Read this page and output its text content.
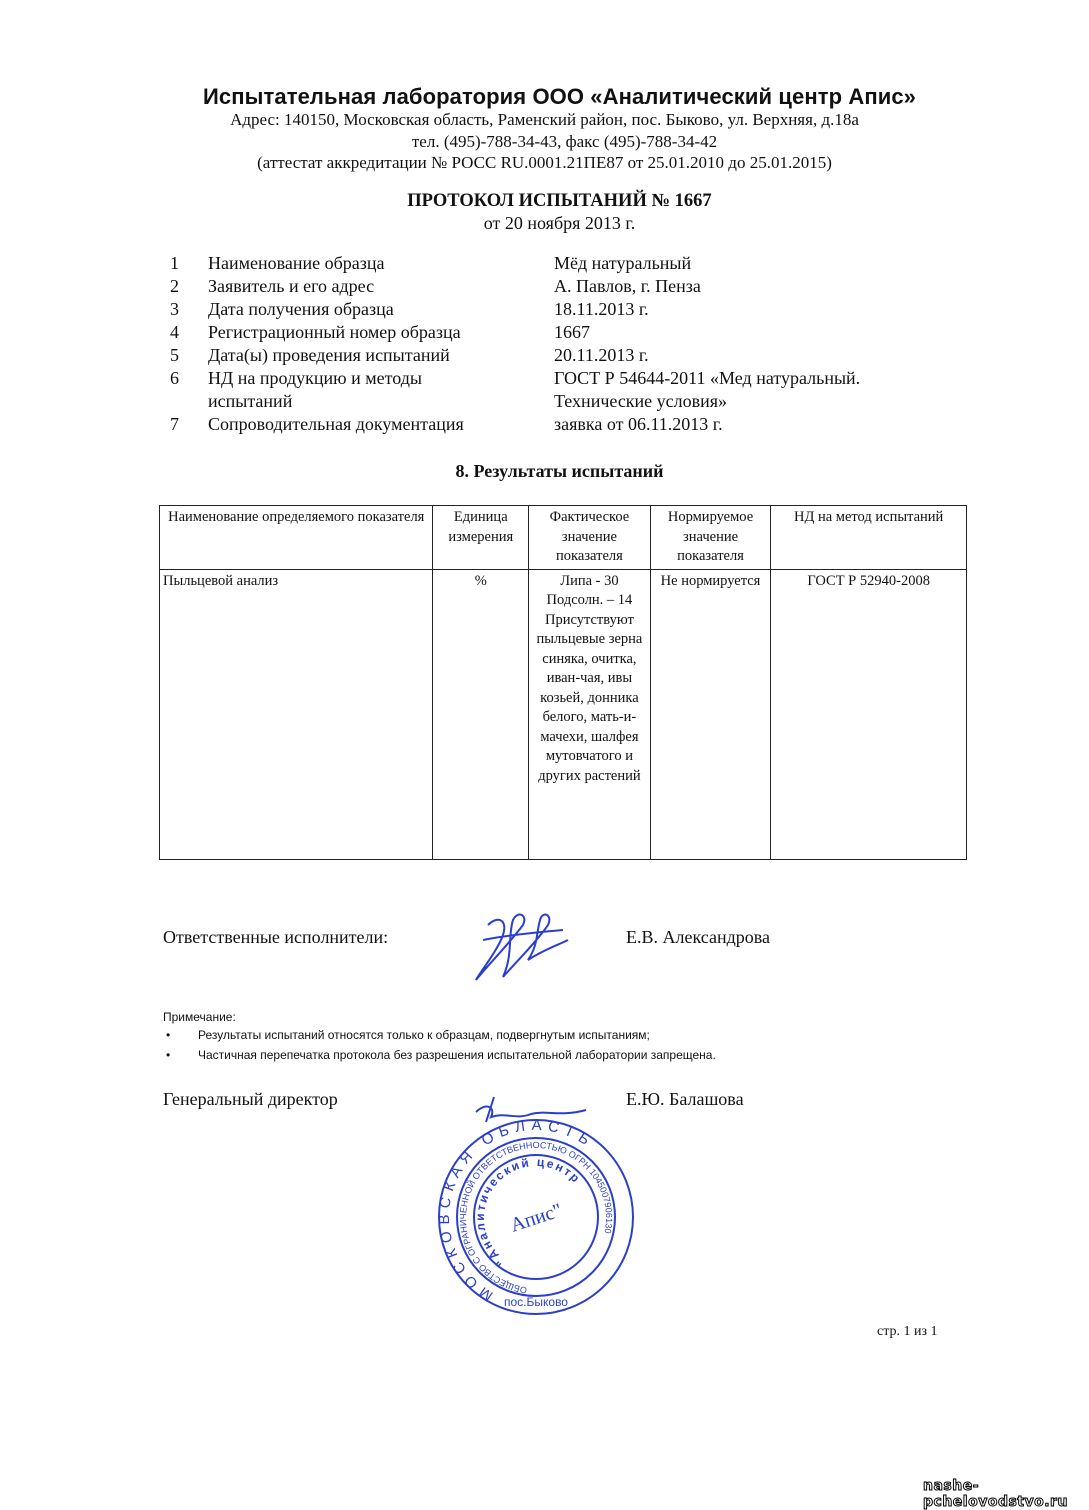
Испытательная лаборатория ООО «Аналитический центр Апис»
Адрес: 140150, Московская область, Раменский район, пос. Быково, ул. Верхняя, д.18а
тел. (495)-788-34-43, факс (495)-788-34-42
(аттестат аккредитации № РОСС RU.0001.21ПЕ87 от 25.01.2010 до 25.01.2015)
ПРОТОКОЛ ИСПЫТАНИЙ № 1667
от 20 ноября 2013 г.
1	Наименование образца	Мёд натуральный
2	Заявитель и его адрес	А. Павлов, г. Пенза
3	Дата получения образца	18.11.2013 г.
4	Регистрационный номер образца	1667
5	Дата(ы) проведения испытаний	20.11.2013 г.
6	НД на продукцию и методы	ГОСТ Р 54644-2011 «Мед натуральный.
испытаний	Технические условия»
7	Сопроводительная документация	заявка от 06.11.2013 г.
8. Результаты испытаний
Наименование определяемого показателя	Единица измерения	Фактическое значение показателя	Нормируемое значение показателя	НД на метод испытаний
Пыльцевой анализ	%	Липа - 30 Подсолн. – 14 Присутствуют пыльцевые зерна синяка, очитка, иван-чая, ивы козьей, донника белого, мать-и-мачехи, шалфея мутовчатого и других растений	Не нормируется	ГОСТ Р 52940-2008
Ответственные исполнители:	Е.В. Александрова
Примечание:
• Результаты испытаний относятся только к образцам, подвергнутым испытаниям;
• Частичная перепечатка протокола без разрешения испытательной лаборатории запрещена.
Генеральный директор	Е.Ю. Балашова
МОСКОВСКАЯ ОБЛАСТЬ
ОБЩЕСТВО С ОГРАНИЧЕННОЙ ОТВЕТСТВЕННОСТЬЮ ОГРН 1045007906130
"Аналитический центр
Апис"
пос.Быково
стр. 1 из 1
nashe-pchelovodstvo.ru
